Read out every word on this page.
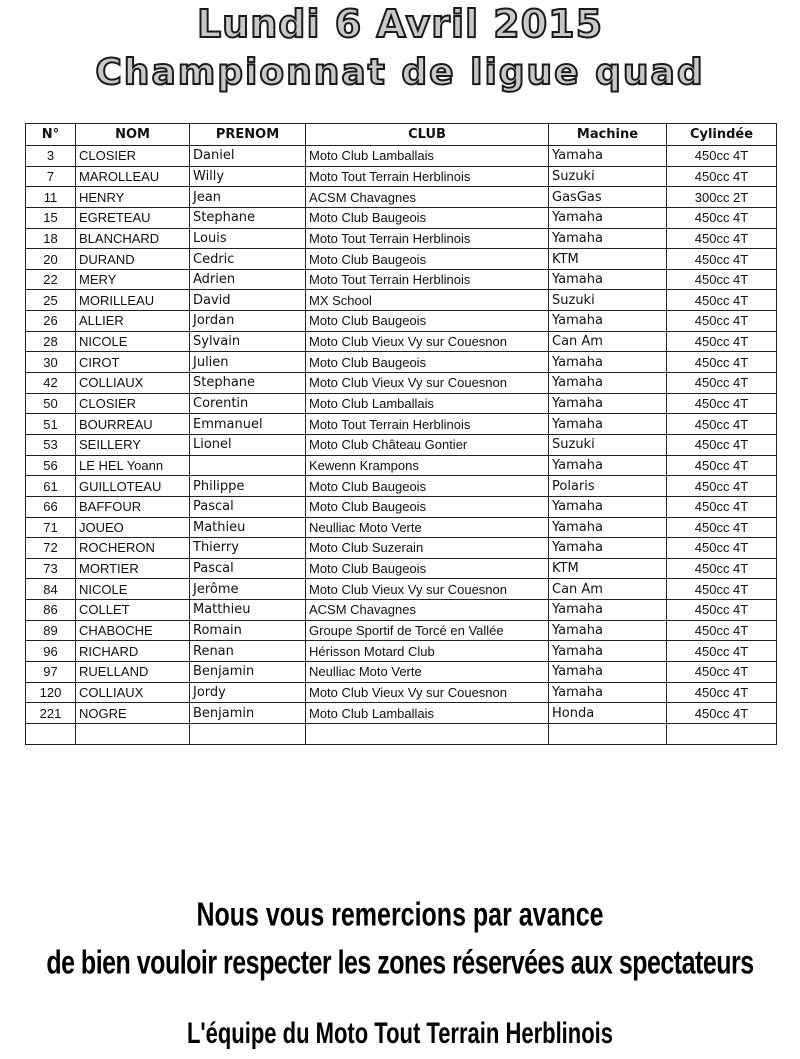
Lundi 6 Avril 2015
Championnat de ligue quad
N°	NOM	PRENOM	CLUB	Machine	Cylindée
3	CLOSIER	Daniel	Moto Club Lamballais	Yamaha	450cc 4T
7	MAROLLEAU	Willy	Moto Tout Terrain Herblinois	Suzuki	450cc 4T
11	HENRY	Jean	ACSM Chavagnes	GasGas	300cc 2T
15	EGRETEAU	Stephane	Moto Club Baugeois	Yamaha	450cc 4T
18	BLANCHARD	Louis	Moto Tout Terrain Herblinois	Yamaha	450cc 4T
20	DURAND	Cedric	Moto Club Baugeois	KTM	450cc 4T
22	MERY	Adrien	Moto Tout Terrain Herblinois	Yamaha	450cc 4T
25	MORILLEAU	David	MX School	Suzuki	450cc 4T
26	ALLIER	Jordan	Moto Club Baugeois	Yamaha	450cc 4T
28	NICOLE	Sylvain	Moto Club Vieux Vy sur Couesnon	Can Am	450cc 4T
30	CIROT	Julien	Moto Club Baugeois	Yamaha	450cc 4T
42	COLLIAUX	Stephane	Moto Club Vieux Vy sur Couesnon	Yamaha	450cc 4T
50	CLOSIER	Corentin	Moto Club Lamballais	Yamaha	450cc 4T
51	BOURREAU	Emmanuel	Moto Tout Terrain Herblinois	Yamaha	450cc 4T
53	SEILLERY	Lionel	Moto Club Château Gontier	Suzuki	450cc 4T
56	LE HEL Yoann		Kewenn Krampons	Yamaha	450cc 4T
61	GUILLOTEAU	Philippe	Moto Club Baugeois	Polaris	450cc 4T
66	BAFFOUR	Pascal	Moto Club Baugeois	Yamaha	450cc 4T
71	JOUEO	Mathieu	Neulliac Moto Verte	Yamaha	450cc 4T
72	ROCHERON	Thierry	Moto Club Suzerain	Yamaha	450cc 4T
73	MORTIER	Pascal	Moto Club Baugeois	KTM	450cc 4T
84	NICOLE	Jerôme	Moto Club Vieux Vy sur Couesnon	Can Am	450cc 4T
86	COLLET	Matthieu	ACSM Chavagnes	Yamaha	450cc 4T
89	CHABOCHE	Romain	Groupe Sportif de Torcé en Vallée	Yamaha	450cc 4T
96	RICHARD	Renan	Hérisson Motard Club	Yamaha	450cc 4T
97	RUELLAND	Benjamin	Neulliac Moto Verte	Yamaha	450cc 4T
120	COLLIAUX	Jordy	Moto Club Vieux Vy sur Couesnon	Yamaha	450cc 4T
221	NOGRE	Benjamin	Moto Club Lamballais	Honda	450cc 4T

Nous vous remercions par avance
de bien vouloir respecter les zones réservées aux spectateurs
L'équipe du Moto Tout Terrain Herblinois
